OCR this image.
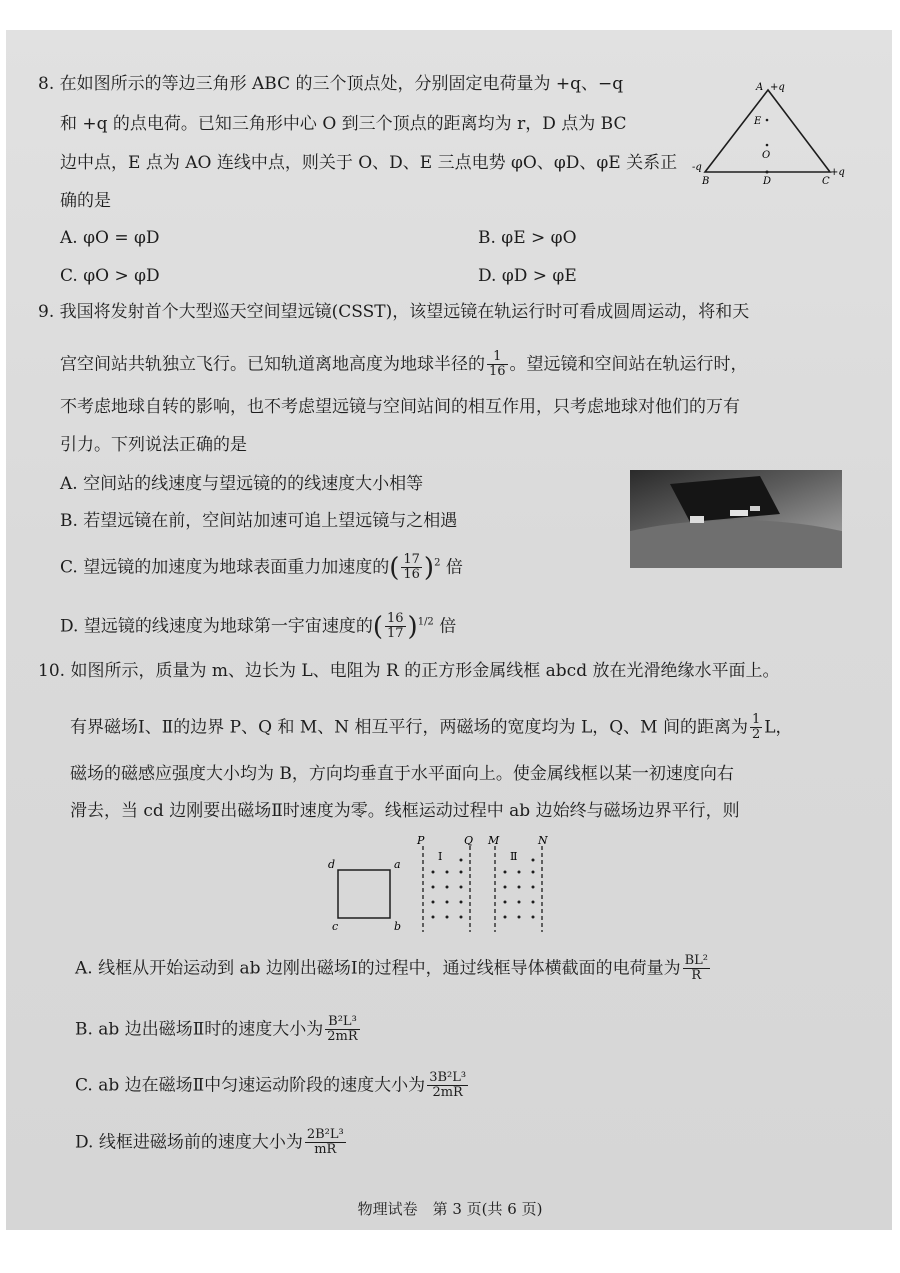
8. 在如图所示的等边三角形 ABC 的三个顶点处，分别固定电荷量为 +q、−q
和 +q 的点电荷。已知三角形中心 O 到三个顶点的距离均为 r，D 点为 BC
边中点，E 点为 AO 连线中点，则关于 O、D、E 三点电势 φO、φD、φE 关系正
确的是
A. φO = φD	B. φE > φO
C. φO > φD	D. φD > φE
A +q
-q
B	C
+q
D
E
O
9. 我国将发射首个大型巡天空间望远镜(CSST)，该望远镜在轨运行时可看成圆周运动，将和天
宫空间站共轨独立飞行。已知轨道离地高度为地球半径的 $\frac{1}{16}$ 。望远镜和空间站在轨运行时，
不考虑地球自转的影响，也不考虑望远镜与空间站间的相互作用，只考虑地球对他们的万有
引力。下列说法正确的是
A. 空间站的线速度与望远镜的的线速度大小相等
B. 若望远镜在前，空间站加速可追上望远镜与之相遇
C. 望远镜的加速度为地球表面重力加速度的( $\frac{17}{16} )^2$ 倍
D. 望远镜的线速度为地球第一宇宙速度的( $\frac{16}{17} )^{1/2}$ 倍
10. 如图所示，质量为 m、边长为 L、电阻为 R 的正方形金属线框 abcd 放在光滑绝缘水平面上。
有界磁场Ⅰ、Ⅱ的边界 P、Q 和 M、N 相互平行，两磁场的宽度均为 L，Q、M 间的距离为 $\frac{1}{2}$ L，
磁场的磁感应强度大小均为 B，方向均垂直于水平面向上。使金属线框以某一初速度向右
滑去，当 cd 边刚要出磁场Ⅱ时速度为零。线框运动过程中 ab 边始终与磁场边界平行，则
d	a
c	b
P	Q M	N
Ⅰ	Ⅱ
A. 线框从开始运动到 ab 边刚出磁场Ⅰ的过程中，通过线框导体横截面的电荷量为 $\frac{\text{BL²}}{R}$
B. ab 边出磁场Ⅱ时的速度大小为 $\frac{\text{B²L³}}{2mR}$
C. ab 边在磁场Ⅱ中匀速运动阶段的速度大小为 $\frac{\text{3B²L³}}{2mR}$
D. 线框进磁场前的速度大小为 $\frac{\text{2B²L³}}{mR}$
物理试卷　第 3 页(共 6 页)
